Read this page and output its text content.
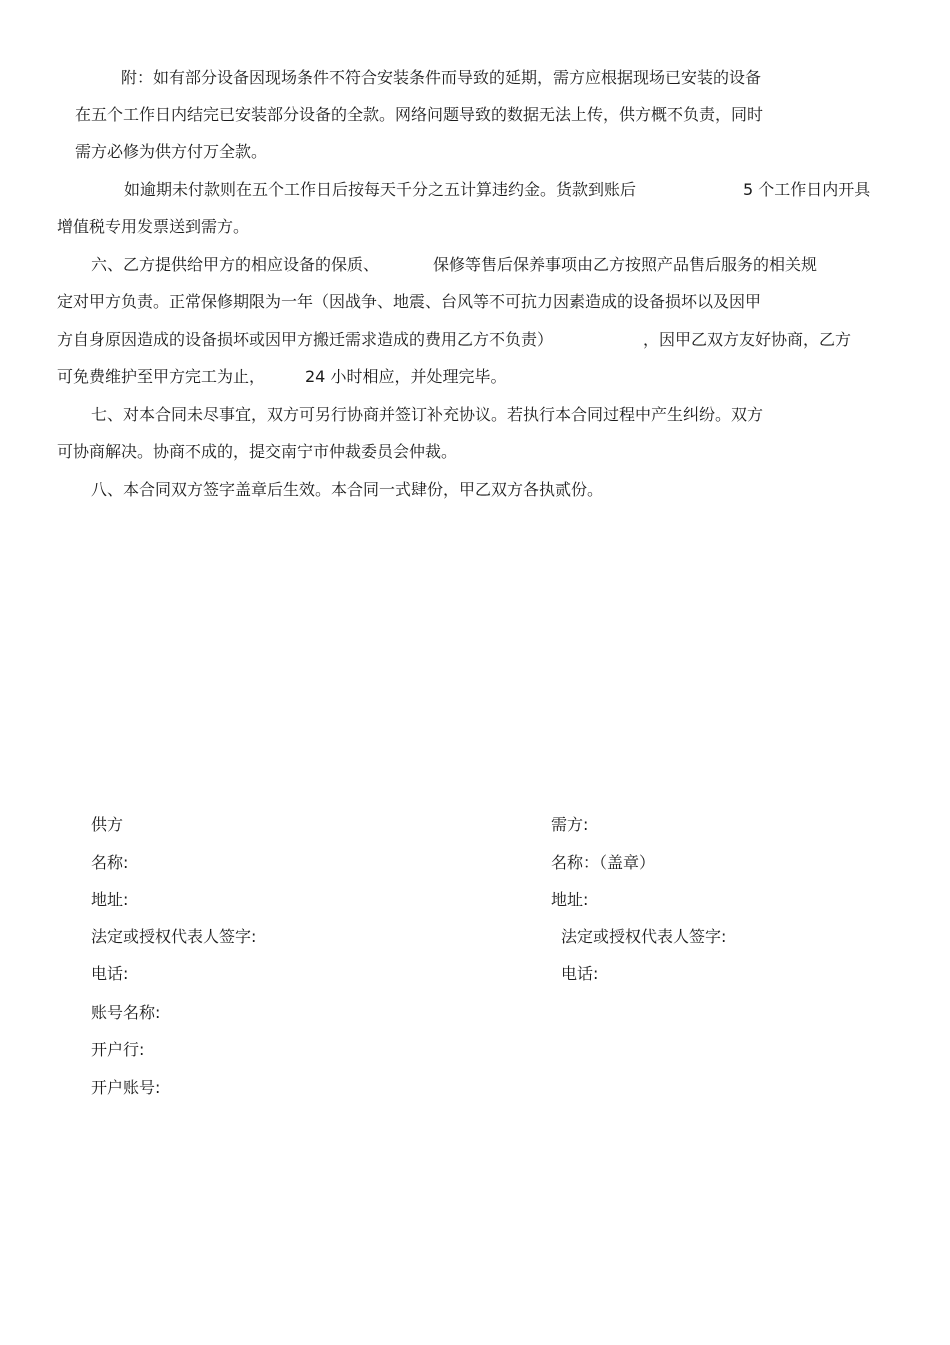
附：如有部分设备因现场条件不符合安装条件而导致的延期，需方应根据现场已安装的设备
在五个工作日内结完已安装部分设备的全款。网络问题导致的数据无法上传，供方概不负责，同时
需方必修为供方付万全款。
如逾期未付款则在五个工作日后按每天千分之五计算违约金。货款到账后	5 个工作日内开具
增值税专用发票送到需方。
六、乙方提供给甲方的相应设备的保质、	保修等售后保养事项由乙方按照产品售后服务的相关规
定对甲方负责。正常保修期限为一年（因战争、地震、台风等不可抗力因素造成的设备损坏以及因甲
方自身原因造成的设备损坏或因甲方搬迁需求造成的费用乙方不负责）	，因甲乙双方友好协商，乙方
可免费维护至甲方完工为止， 24 小时相应，并处理完毕。
七、对本合同未尽事宜，双方可另行协商并签订补充协议。若执行本合同过程中产生纠纷。双方
可协商解决。协商不成的，提交南宁市仲裁委员会仲裁。
八、本合同双方签字盖章后生效。本合同一式肆份，甲乙双方各执贰份。
供方
名称:
地址:
法定或授权代表人签字:
电话:
账号名称:
开户行:
开户账号:
需方:
名称：（盖章）
地址:
法定或授权代表人签字:
电话:
